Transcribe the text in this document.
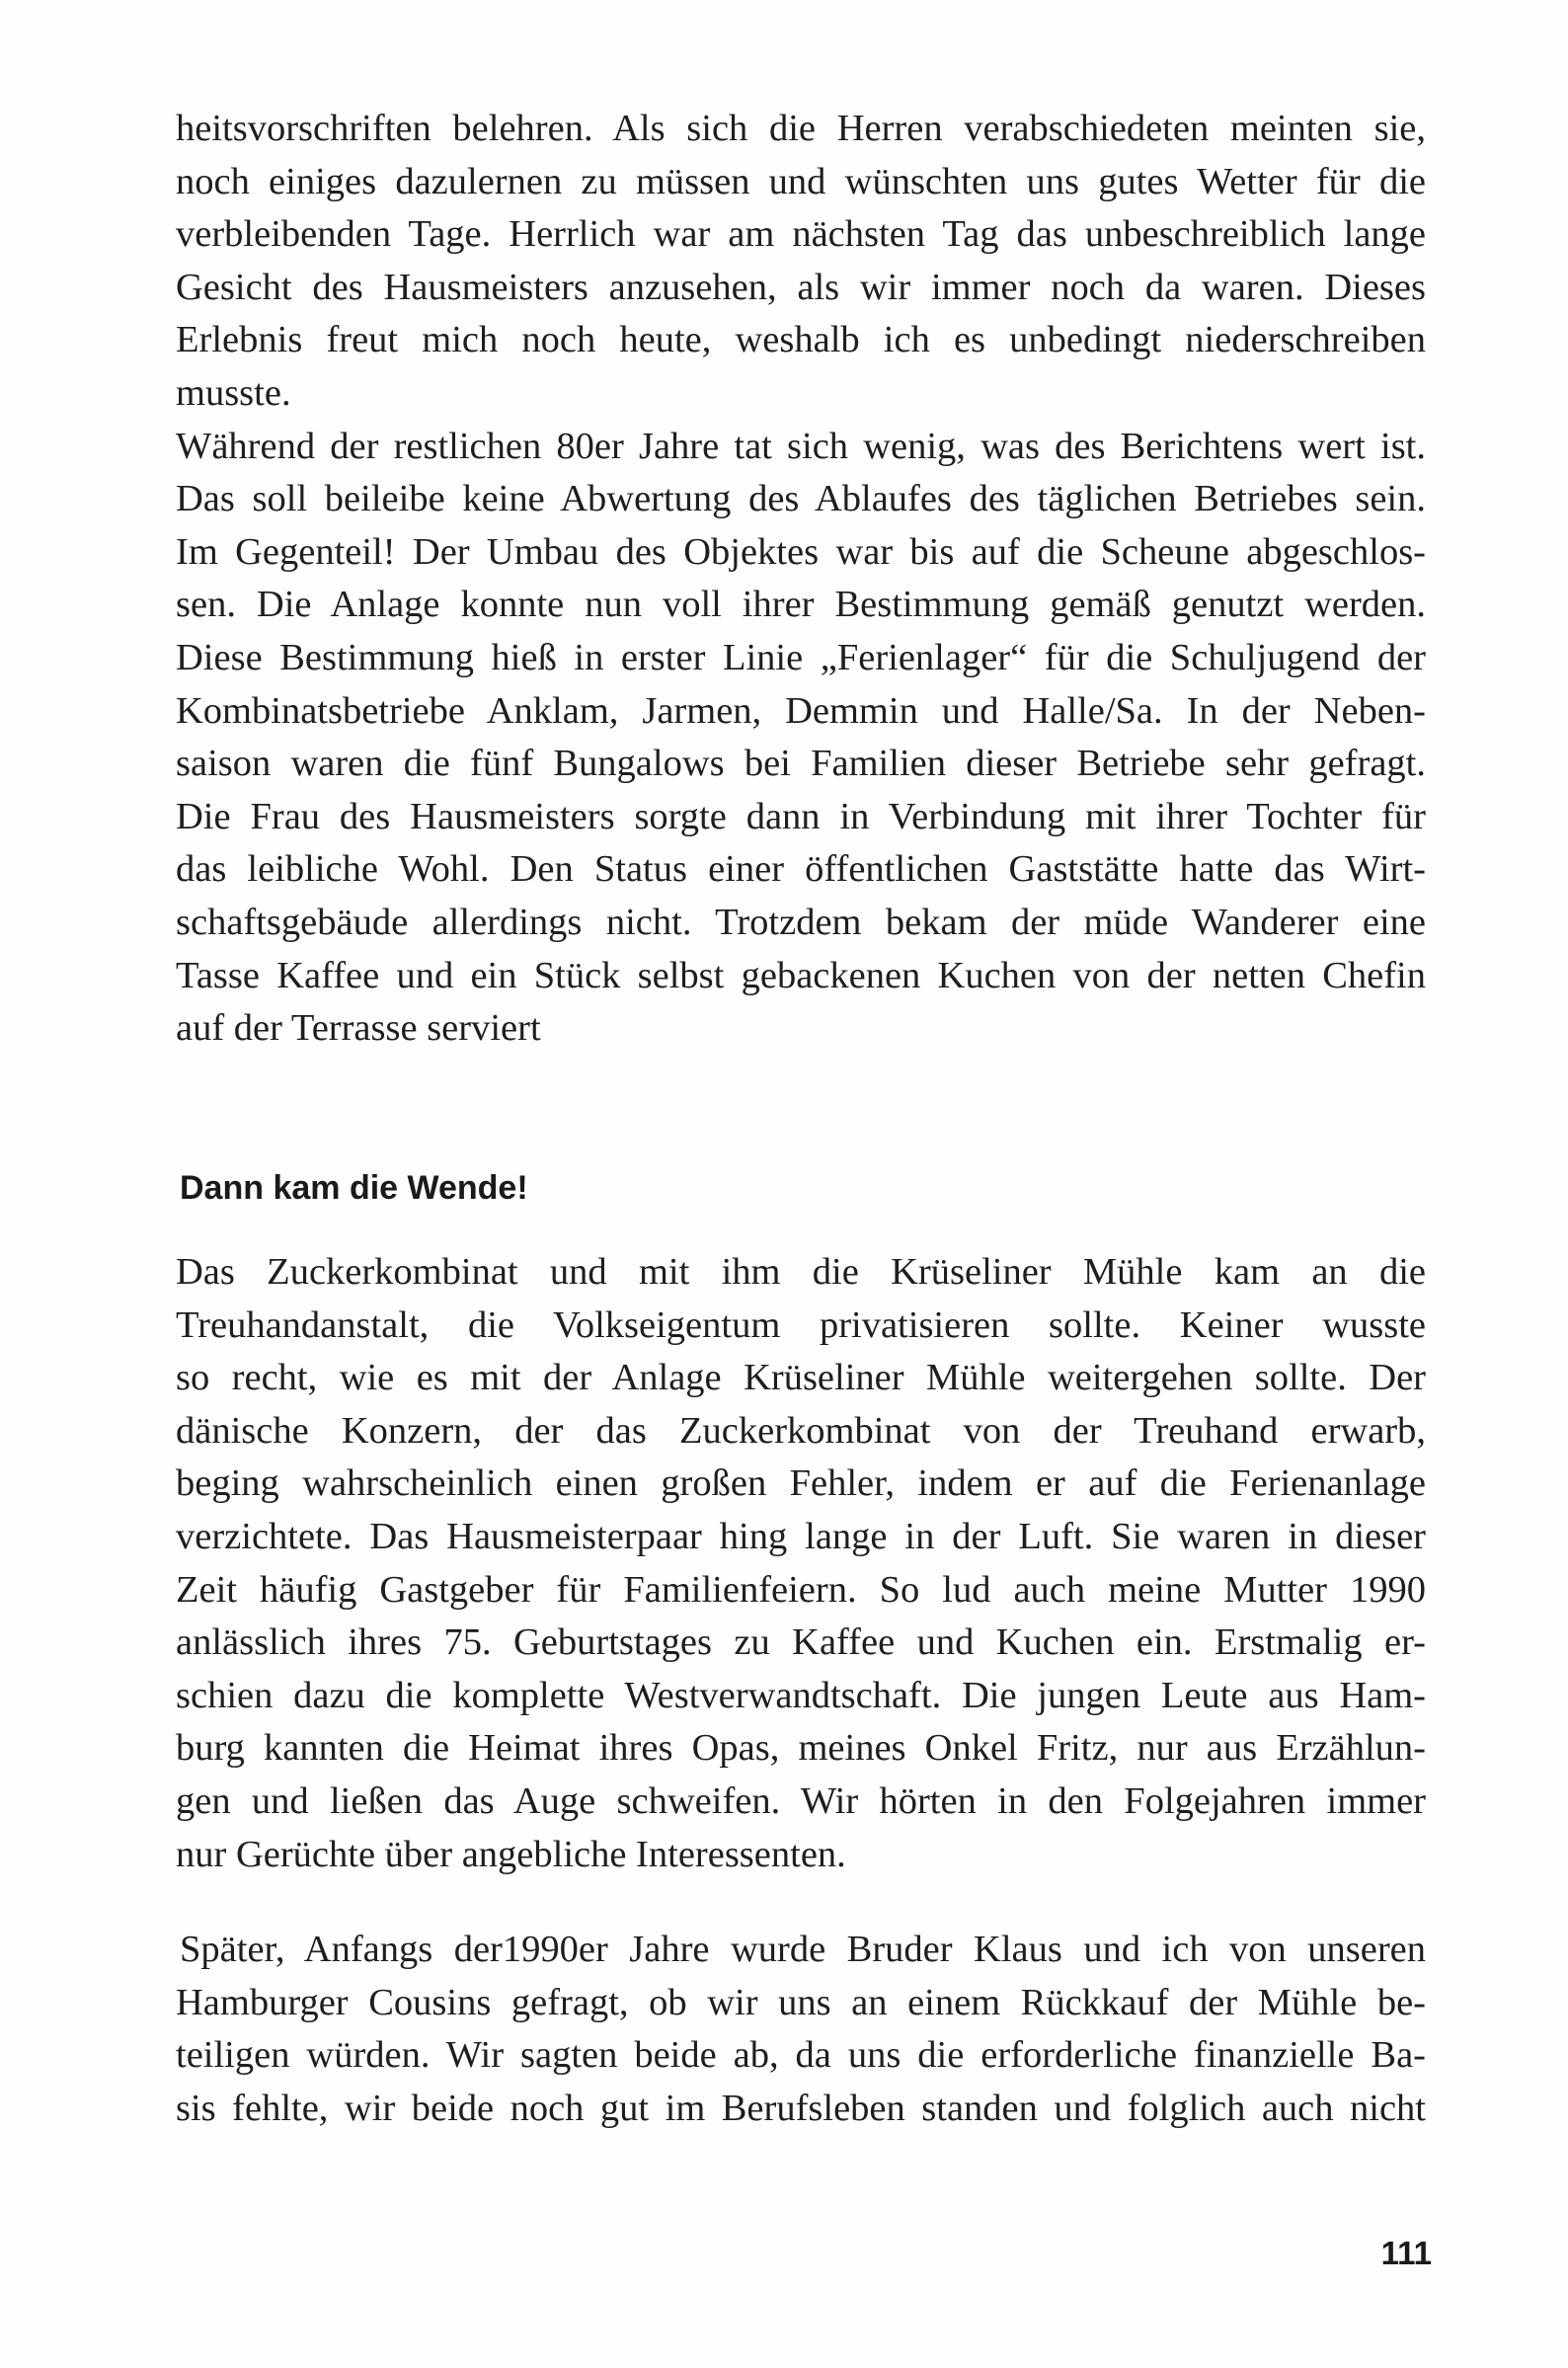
heitsvorschriften belehren. Als sich die Herren verabschiedeten meinten sie,
noch einiges dazulernen zu müssen und wünschten uns gutes Wetter für die
verbleibenden Tage. Herrlich war am nächsten Tag das unbeschreiblich lange
Gesicht des Hausmeisters anzusehen, als wir immer noch da waren. Dieses
Erlebnis freut mich noch heute, weshalb ich es unbedingt niederschreiben
musste.
Während der restlichen 80er Jahre tat sich wenig, was des Berichtens wert ist.
Das soll beileibe keine Abwertung des Ablaufes des täglichen Betriebes sein.
Im Gegenteil! Der Umbau des Objektes war bis auf die Scheune abgeschlos-
sen. Die Anlage konnte nun voll ihrer Bestimmung gemäß genutzt werden.
Diese Bestimmung hieß in erster Linie „Ferienlager“ für die Schuljugend der
Kombinatsbetriebe Anklam, Jarmen, Demmin und Halle/Sa. In der Neben-
saison waren die fünf Bungalows bei Familien dieser Betriebe sehr gefragt.
Die Frau des Hausmeisters sorgte dann in Verbindung mit ihrer Tochter für
das leibliche Wohl. Den Status einer öffentlichen Gaststätte hatte das Wirt-
schaftsgebäude allerdings nicht. Trotzdem bekam der müde Wanderer eine
Tasse Kaffee und ein Stück selbst gebackenen Kuchen von der netten Chefin
auf der Terrasse serviert
Dann kam die Wende!
Das Zuckerkombinat und mit ihm die Krüseliner Mühle kam an die
Treuhandanstalt, die Volkseigentum privatisieren sollte. Keiner wusste
so recht, wie es mit der Anlage Krüseliner Mühle weitergehen sollte. Der
dänische Konzern, der das Zuckerkombinat von der Treuhand erwarb,
beging wahrscheinlich einen großen Fehler, indem er auf die Ferienanlage
verzichtete. Das Hausmeisterpaar hing lange in der Luft. Sie waren in dieser
Zeit häufig Gastgeber für Familienfeiern. So lud auch meine Mutter 1990
anlässlich ihres 75. Geburtstages zu Kaffee und Kuchen ein. Erstmalig er-
schien dazu die komplette Westverwandtschaft. Die jungen Leute aus Ham-
burg kannten die Heimat ihres Opas, meines Onkel Fritz, nur aus Erzählun-
gen und ließen das Auge schweifen. Wir hörten in den Folgejahren immer
nur Gerüchte über angebliche Interessenten.
Später, Anfangs der1990er Jahre wurde Bruder Klaus und ich von unseren
Hamburger Cousins gefragt, ob wir uns an einem Rückkauf der Mühle be-
teiligen würden. Wir sagten beide ab, da uns die erforderliche finanzielle Ba-
sis fehlte, wir beide noch gut im Berufsleben standen und folglich auch nicht
111
